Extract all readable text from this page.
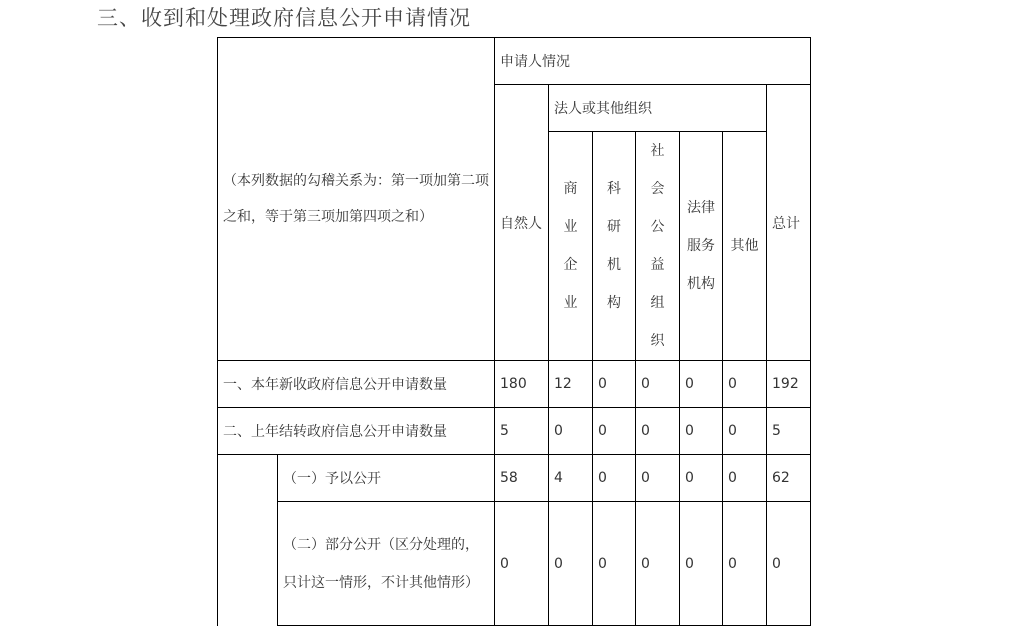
三、收到和处理政府信息公开申请情况
（本列数据的勾稽关系为：第一项加第二项之和，等于第三项加第四项之和）		申请人情况						
		自然人	法人或其他组织					总计
			商业企业	科研机构	社会公益组织	法律服务机构	其他	
一、本年新收政府信息公开申请数量		180	12	0	0	0	0	192
二、上年结转政府信息公开申请数量		5	0	0	0	0	0	5
	（一）予以公开	58	4	0	0	0	0	62
	（二）部分公开（区分处理的，只计这一情形，不计其他情形）	0	0	0	0	0	0	0
